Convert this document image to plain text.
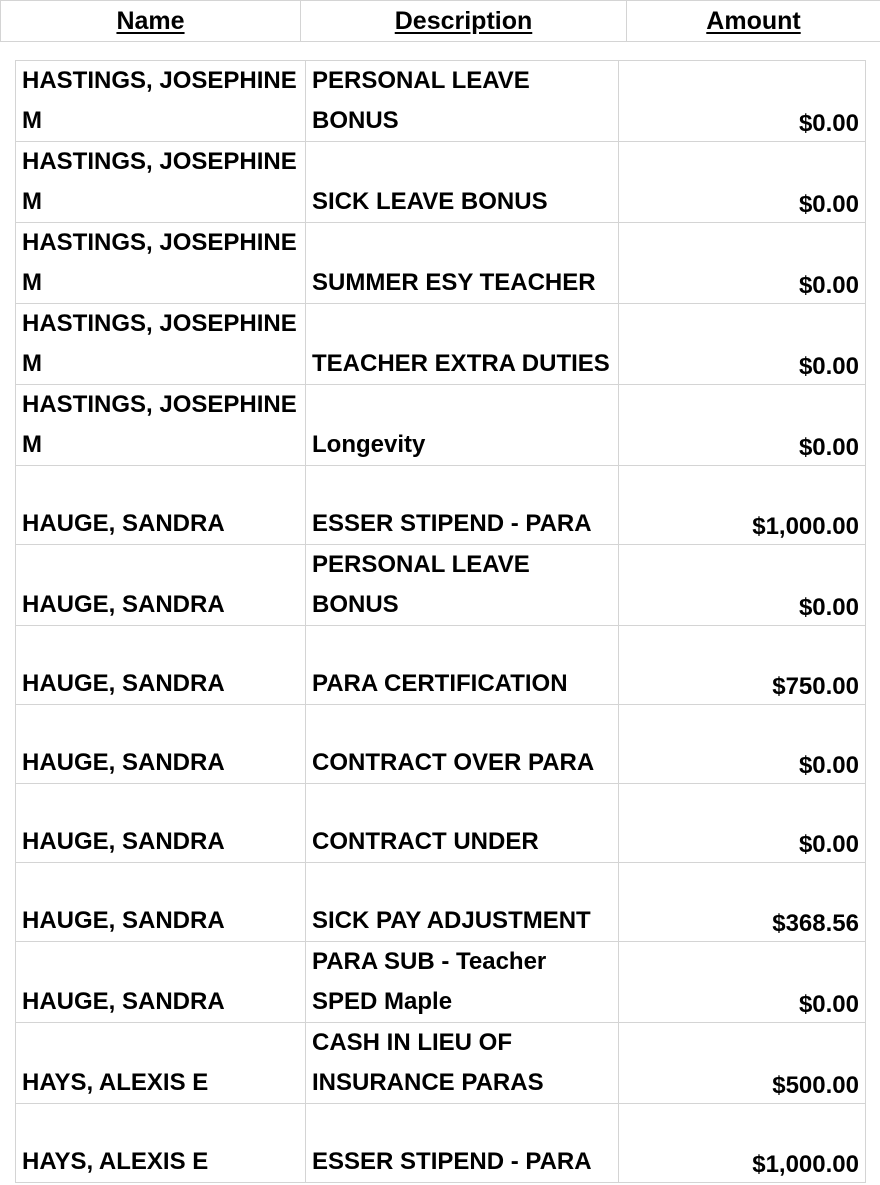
Name	Description	Amount
HASTINGS, JOSEPHINE M	PERSONAL LEAVE BONUS	$0.00
HASTINGS, JOSEPHINE M	SICK LEAVE BONUS	$0.00
HASTINGS, JOSEPHINE M	SUMMER ESY TEACHER	$0.00
HASTINGS, JOSEPHINE M	TEACHER EXTRA DUTIES	$0.00
HASTINGS, JOSEPHINE M	Longevity	$0.00
HAUGE, SANDRA	ESSER STIPEND - PARA	$1,000.00
HAUGE, SANDRA	PERSONAL LEAVE BONUS	$0.00
HAUGE, SANDRA	PARA CERTIFICATION	$750.00
HAUGE, SANDRA	CONTRACT OVER PARA	$0.00
HAUGE, SANDRA	CONTRACT UNDER	$0.00
HAUGE, SANDRA	SICK PAY ADJUSTMENT	$368.56
HAUGE, SANDRA	PARA SUB - Teacher SPED Maple	$0.00
HAYS, ALEXIS E	CASH IN LIEU OF INSURANCE PARAS	$500.00
HAYS, ALEXIS E	ESSER STIPEND - PARA	$1,000.00
